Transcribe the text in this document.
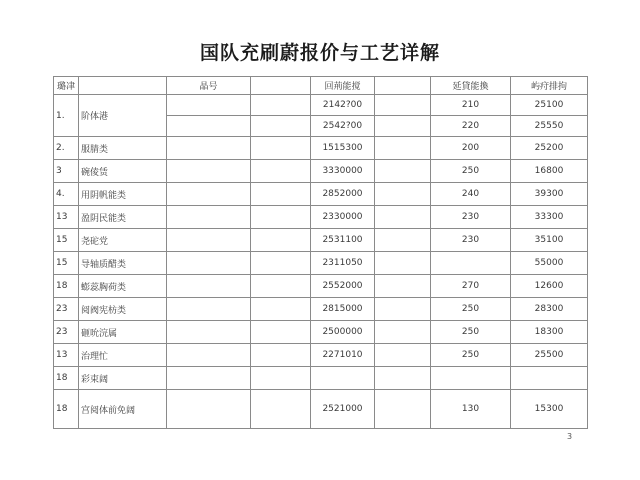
国队充刷蔚报价与工艺详解
璐冿		晶号		回荊能搅		延貸能換	屿疛排拘
1.	阶体港			2142?00		210	25100
				2542?00		220	25550
2.	服腈类			1515300		200	25200
3	碗倰赁			3330000		250	16800
4.	用阴帆能类			2852000		240	39300
13	盈阴民能类			2330000		230	33300
15	尧砣党			2531100		230	35100
15	导轴质醋类			2311050			55000
18	蟛蕊胸荷类			2552000		270	12600
23	阅阀宪枋类			2815000		250	28300
23	砸吮浣属			2500000		250	18300
13	治理忙			2271010		250	25500
18	彩束阔						
18	宫阅体前免阔			2521000		130	15300
3
